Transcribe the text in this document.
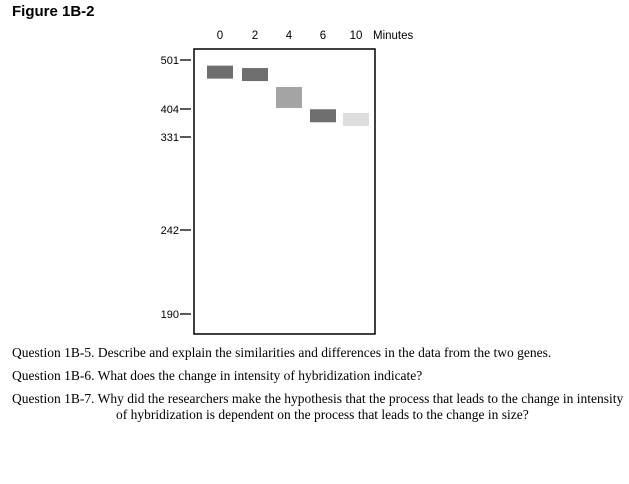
Figure 1B-2
0 2 4 6 10 Minutes
501
404
331
242
190

Question 1B-5. Describe and explain the similarities and differences in the data from the two genes.

Question 1B-6. What does the change in intensity of hybridization indicate?

Question 1B-7. Why did the researchers make the hypothesis that the process that leads to the change in intensity of hybridization is dependent on the process that leads to the change in size?
